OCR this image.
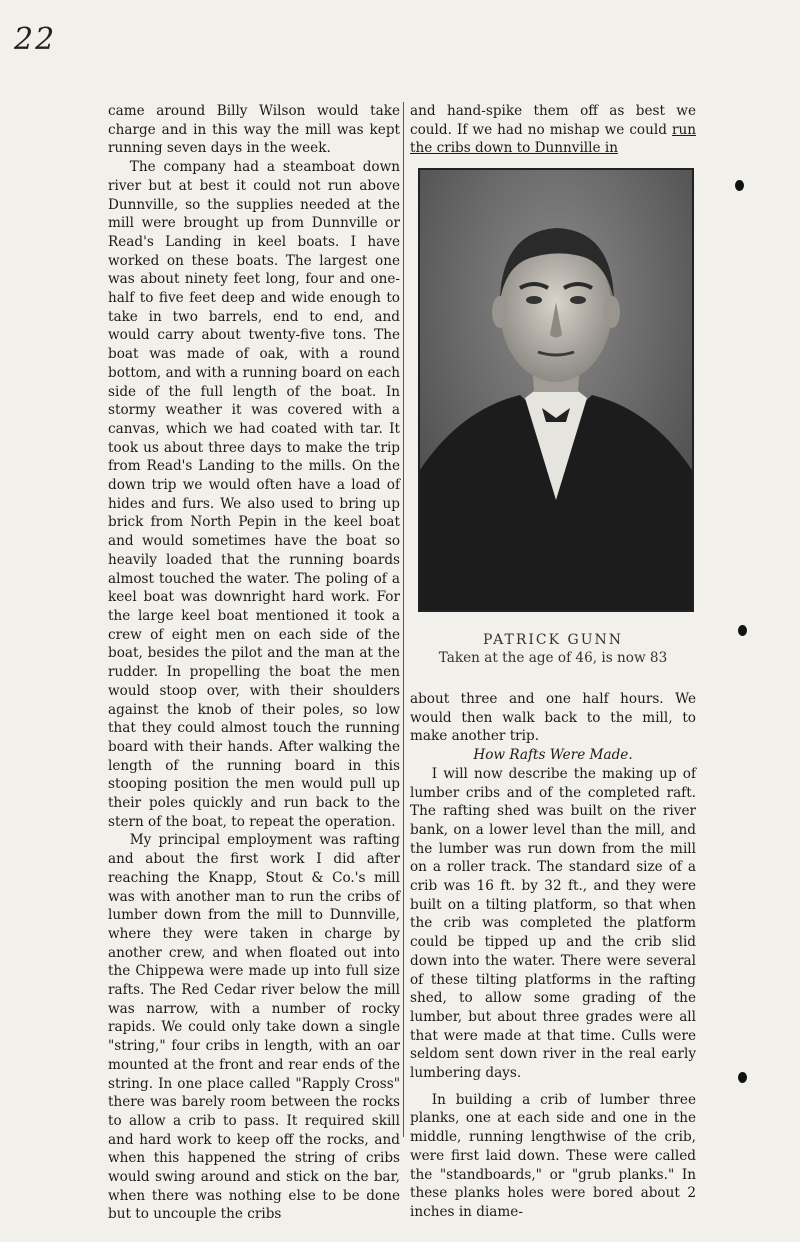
22

came around Billy Wilson would take charge and in this way the mill was kept running seven days in the week.

The company had a steamboat down river but at best it could not run above Dunnville, so the supplies needed at the mill were brought up from Dunnville or Read's Landing in keel boats. I have worked on these boats. The largest one was about ninety feet long, four and one-half to five feet deep and wide enough to take in two barrels, end to end, and would carry about twenty-five tons. The boat was made of oak, with a round bottom, and with a running board on each side of the full length of the boat. In stormy weather it was covered with a canvas, which we had coated with tar. It took us about three days to make the trip from Read's Landing to the mills. On the down trip we would often have a load of hides and furs. We also used to bring up brick from North Pepin in the keel boat and would sometimes have the boat so heavily loaded that the running boards almost touched the water. The poling of a keel boat was downright hard work. For the large keel boat mentioned it took a crew of eight men on each side of the boat, besides the pilot and the man at the rudder. In propelling the boat the men would stoop over, with their shoulders against the knob of their poles, so low that they could almost touch the running board with their hands. After walking the length of the running board in this stooping position the men would pull up their poles quickly and run back to the stern of the boat, to repeat the operation.

My principal employment was rafting and about the first work I did after reaching the Knapp, Stout & Co.'s mill was with another man to run the cribs of lumber down from the mill to Dunnville, where they were taken in charge by another crew, and when floated out into the Chippewa were made up into full size rafts. The Red Cedar river below the mill was narrow, with a number of rocky rapids. We could only take down a single "string," four cribs in length, with an oar mounted at the front and rear ends of the string. In one place called "Rapply Cross" there was barely room between the rocks to allow a crib to pass. It required skill and hard work to keep off the rocks, and when this happened the string of cribs would swing around and stick on the bar, when there was nothing else to be done but to uncouple the cribs

and hand-spike them off as best we could. If we had no mishap we could run the cribs down to Dunnville in

PATRICK GUNN
Taken at the age of 46, is now 83

about three and one half hours. We would then walk back to the mill, to make another trip.

How Rafts Were Made.

I will now describe the making up of lumber cribs and of the completed raft. The rafting shed was built on the river bank, on a lower level than the mill, and the lumber was run down from the mill on a roller track. The standard size of a crib was 16 ft. by 32 ft., and they were built on a tilting platform, so that when the crib was completed the platform could be tipped up and the crib slid down into the water. There were several of these tilting platforms in the rafting shed, to allow some grading of the lumber, but about three grades were all that were made at that time. Culls were seldom sent down river in the real early lumbering days.

In building a crib of lumber three planks, one at each side and one in the middle, running lengthwise of the crib, were first laid down. These were called the "standboards," or "grub planks." In these planks holes were bored about 2 inches in diame-
